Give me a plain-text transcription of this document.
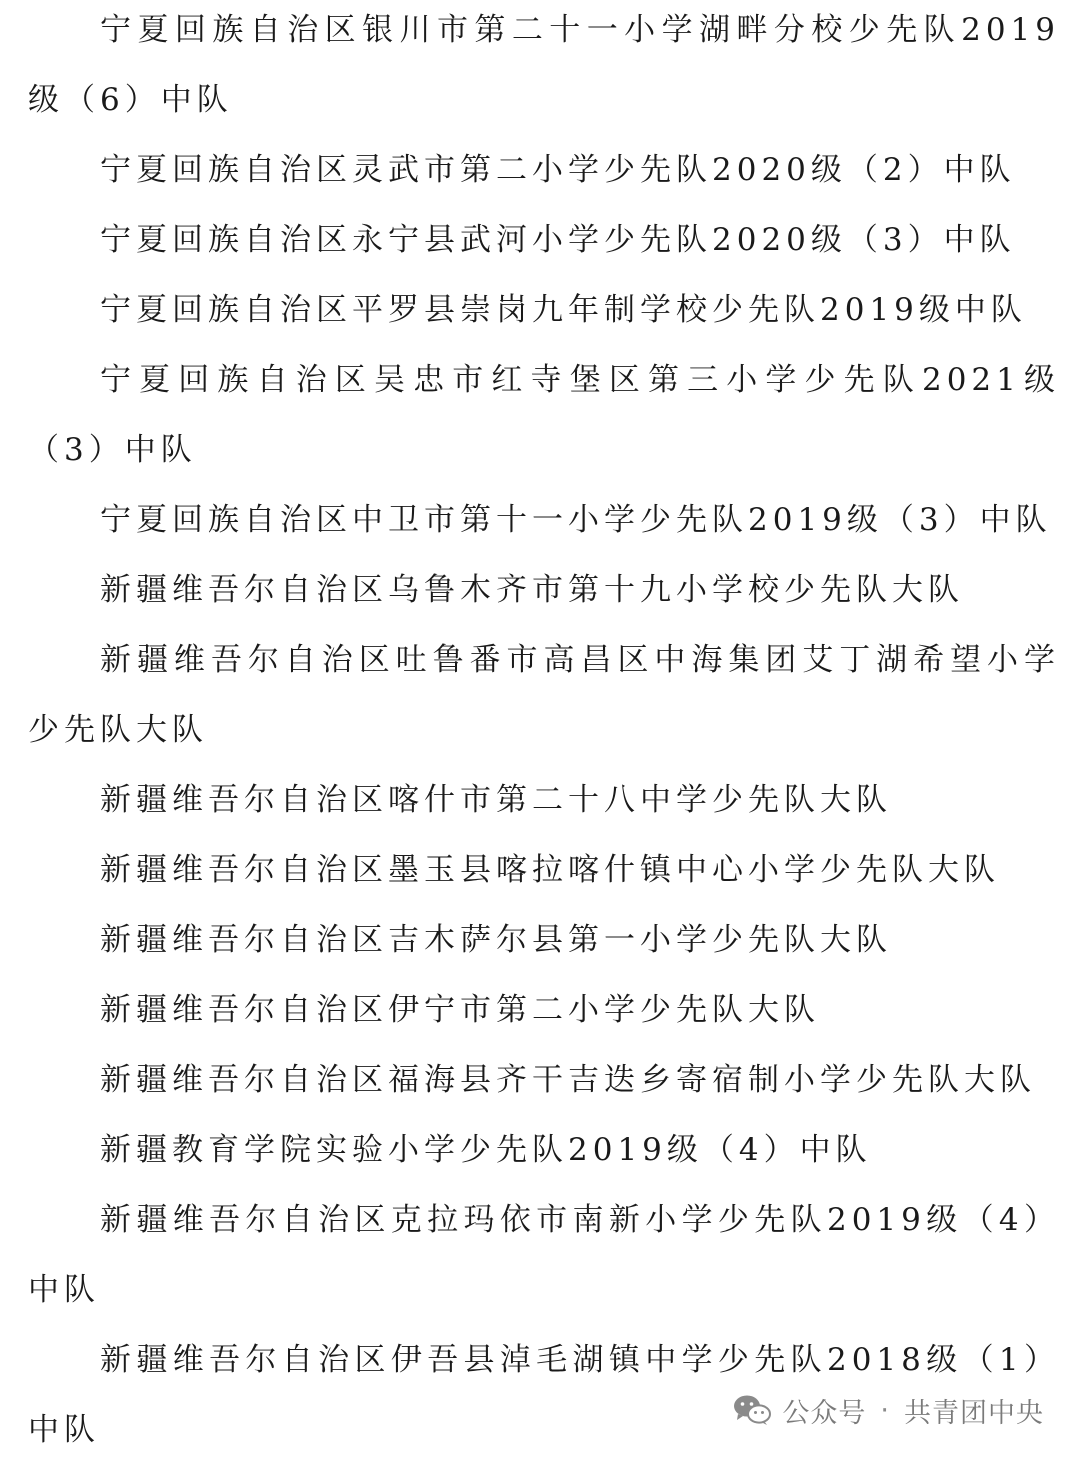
宁夏回族自治区银川市第二十一小学湖畔分校少先队2019级（6）中队

宁夏回族自治区灵武市第二小学少先队2020级（2）中队

宁夏回族自治区永宁县武河小学少先队2020级（3）中队

宁夏回族自治区平罗县崇岗九年制学校少先队2019级中队

宁夏回族自治区吴忠市红寺堡区第三小学少先队2021级（3）中队

宁夏回族自治区中卫市第十一小学少先队2019级（3）中队

新疆维吾尔自治区乌鲁木齐市第十九小学校少先队大队

新疆维吾尔自治区吐鲁番市高昌区中海集团艾丁湖希望小学少先队大队

新疆维吾尔自治区喀什市第二十八中学少先队大队

新疆维吾尔自治区墨玉县喀拉喀什镇中心小学少先队大队

新疆维吾尔自治区吉木萨尔县第一小学少先队大队

新疆维吾尔自治区伊宁市第二小学少先队大队

新疆维吾尔自治区福海县齐干吉迭乡寄宿制小学少先队大队

新疆教育学院实验小学少先队2019级（4）中队

新疆维吾尔自治区克拉玛依市南新小学少先队2019级（4）中队

新疆维吾尔自治区伊吾县淖毛湖镇中学少先队2018级（1）中队	公众号 · 共青团中央
